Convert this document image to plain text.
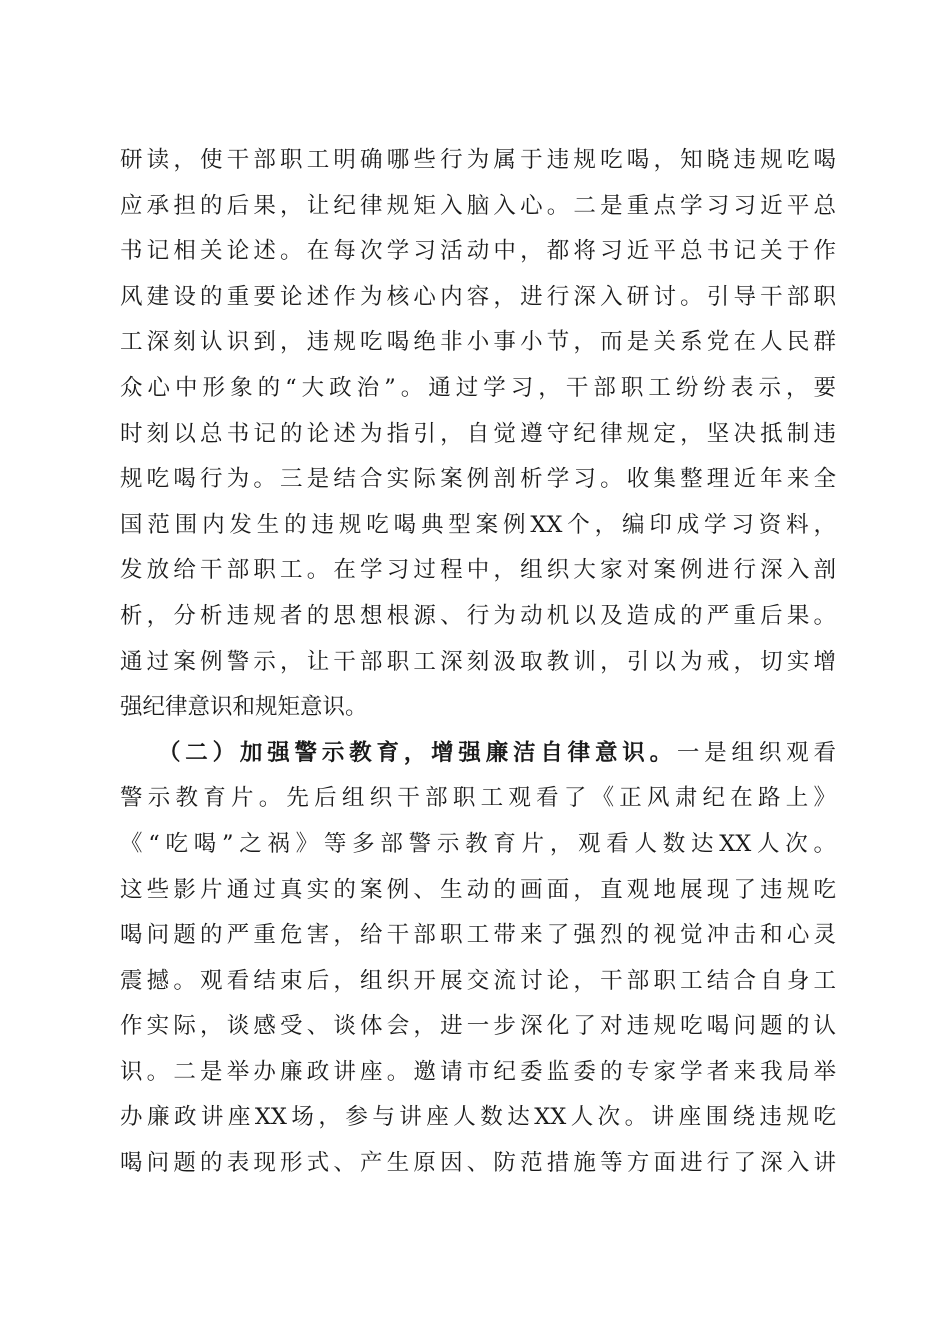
研读，使干部职工明确哪些行为属于违规吃喝，知晓违规吃喝
应承担的后果，让纪律规矩入脑入心。二是重点学习习近平总
书记相关论述。在每次学习活动中，都将习近平总书记关于作
风建设的重要论述作为核心内容，进行深入研讨。引导干部职
工深刻认识到，违规吃喝绝非小事小节，而是关系党在人民群
众心中形象的“大政治”。通过学习，干部职工纷纷表示，要
时刻以总书记的论述为指引，自觉遵守纪律规定，坚决抵制违
规吃喝行为。三是结合实际案例剖析学习。收集整理近年来全
国范围内发生的违规吃喝典型案例XX个，编印成学习资料，
发放给干部职工。在学习过程中，组织大家对案例进行深入剖
析，分析违规者的思想根源、行为动机以及造成的严重后果。
通过案例警示，让干部职工深刻汲取教训，引以为戒，切实增
强纪律意识和规矩意识。
（二）加强警示教育，增强廉洁自律意识。一是组织观看
警示教育片。先后组织干部职工观看了《正风肃纪在路上》
《“吃喝”之祸》等多部警示教育片，观看人数达XX人次。
这些影片通过真实的案例、生动的画面，直观地展现了违规吃
喝问题的严重危害，给干部职工带来了强烈的视觉冲击和心灵
震撼。观看结束后，组织开展交流讨论，干部职工结合自身工
作实际，谈感受、谈体会，进一步深化了对违规吃喝问题的认
识。二是举办廉政讲座。邀请市纪委监委的专家学者来我局举
办廉政讲座XX场，参与讲座人数达XX人次。讲座围绕违规吃
喝问题的表现形式、产生原因、防范措施等方面进行了深入讲
